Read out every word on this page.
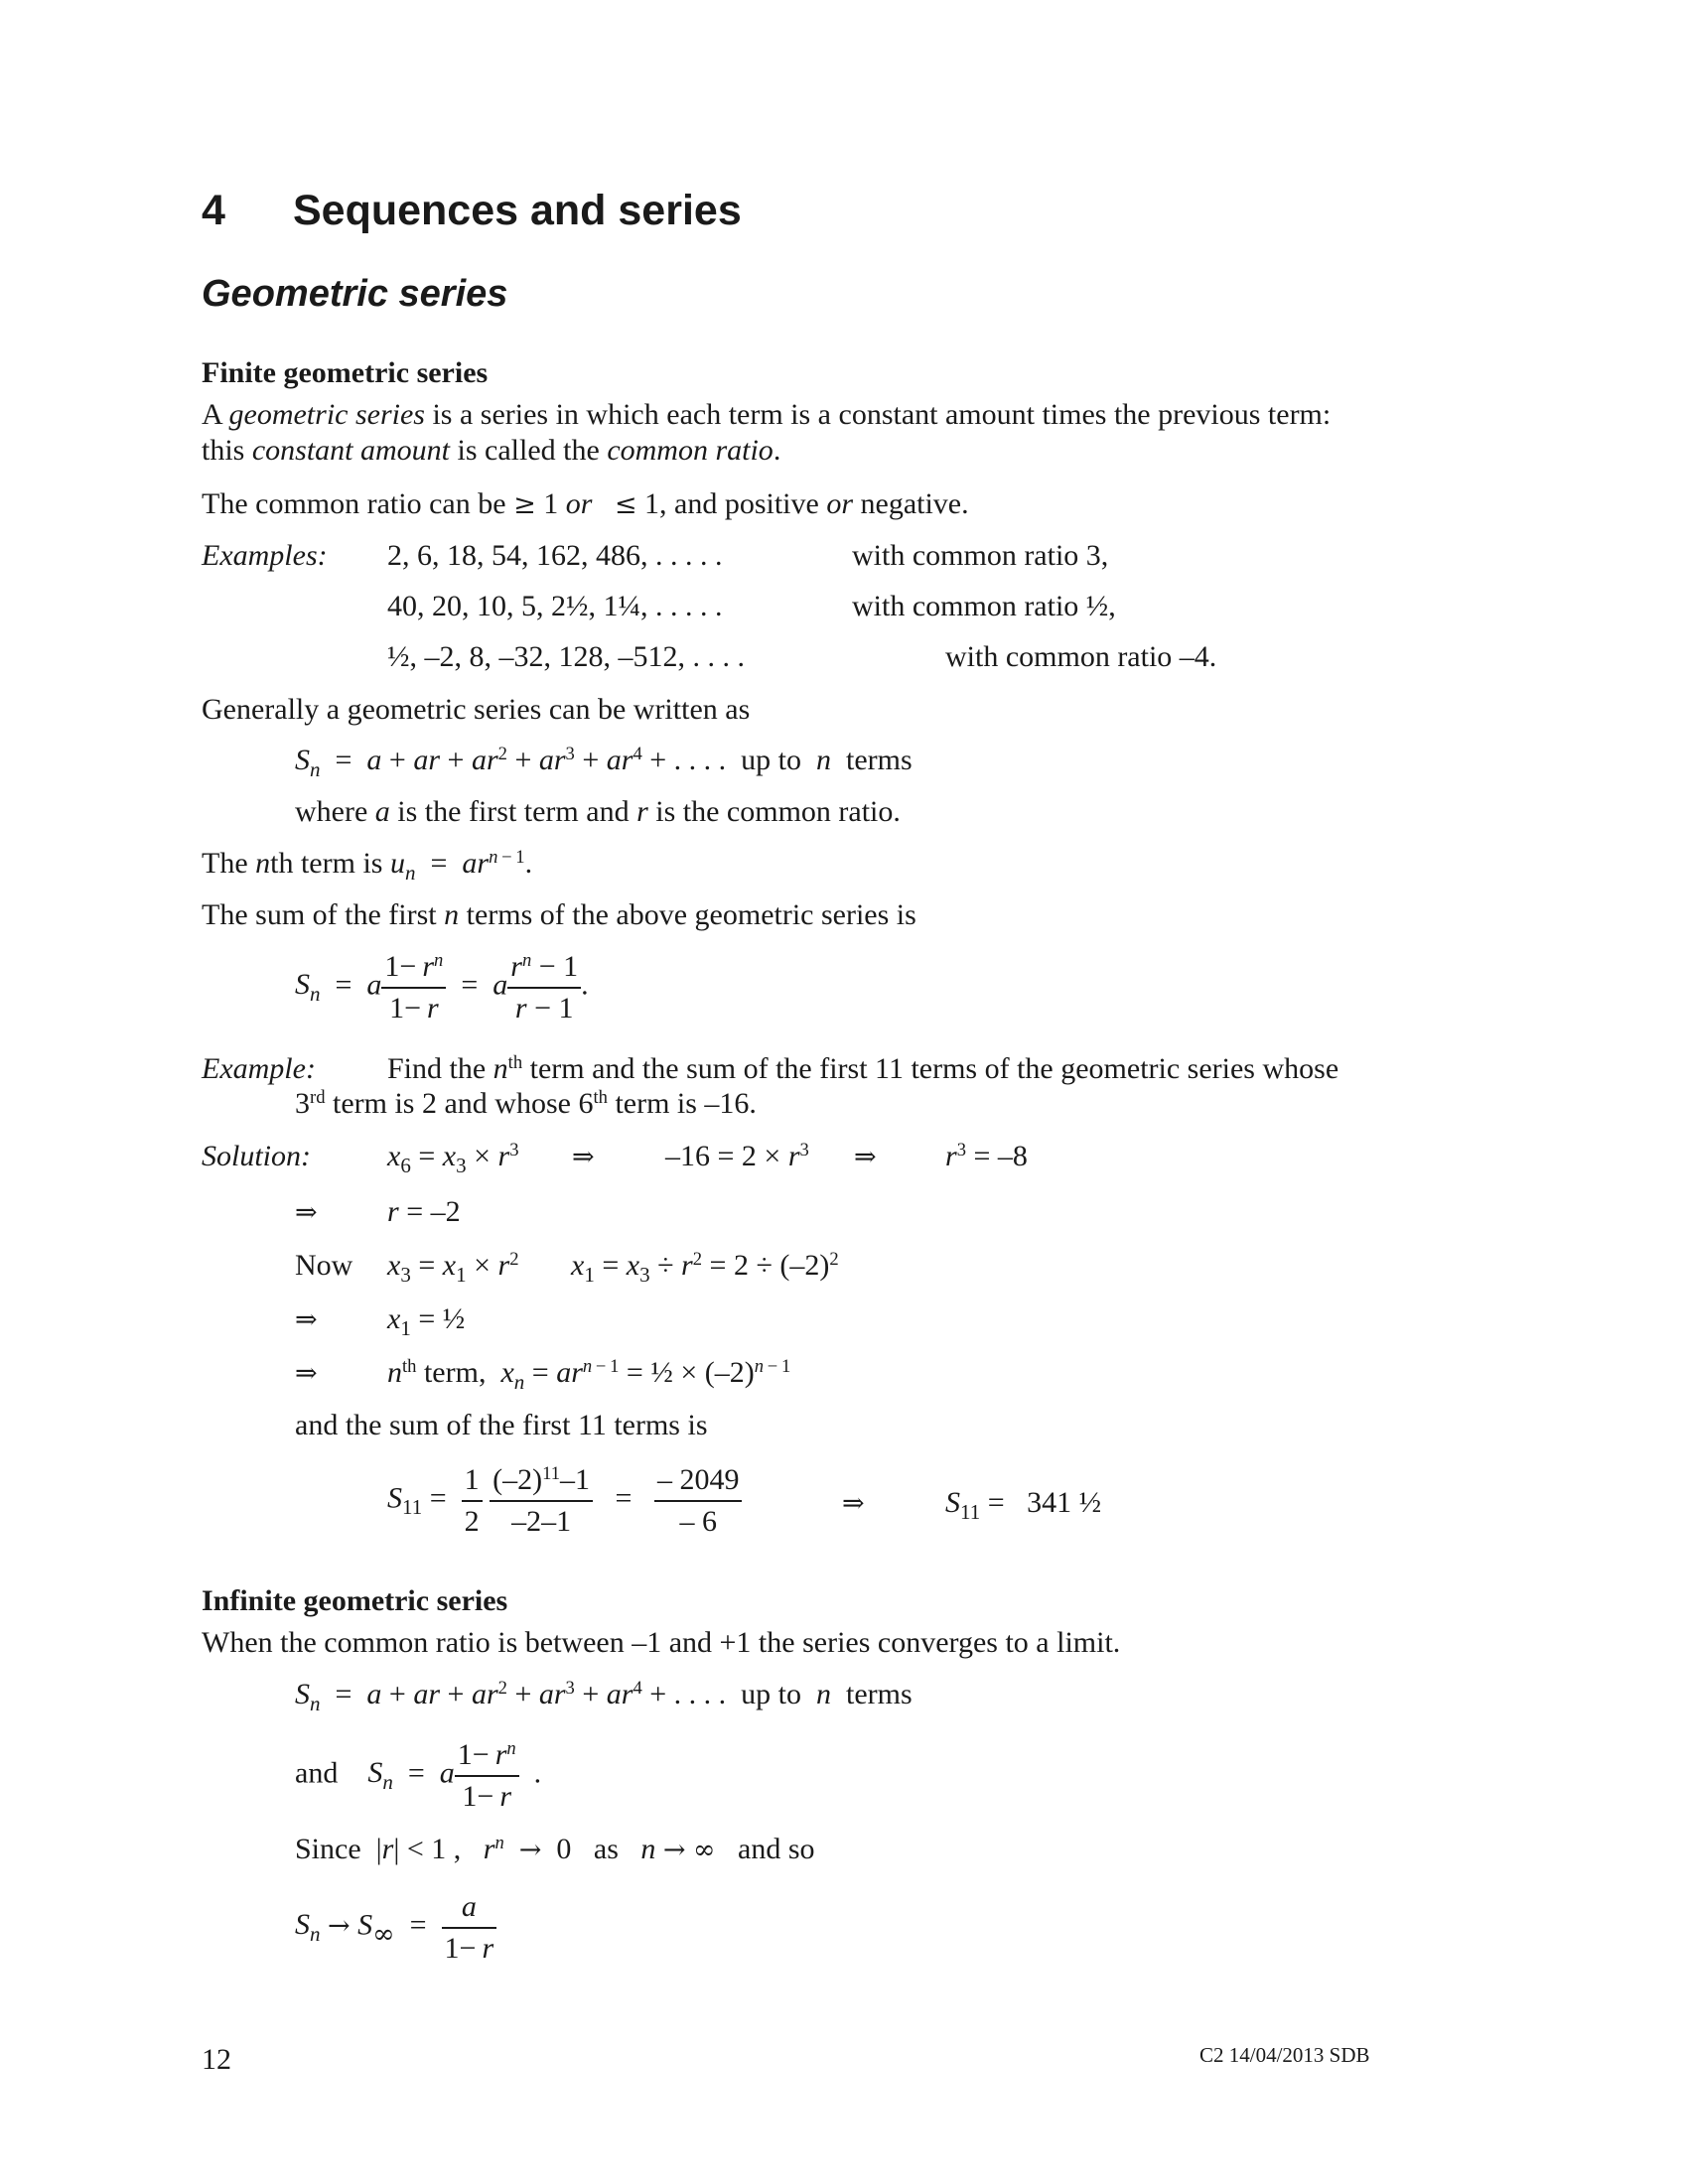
4 Sequences and series
Geometric series
Finite geometric series
A geometric series is a series in which each term is a constant amount times the previous term:
this constant amount is called the common ratio.
The common ratio can be ≥ 1 or ≤ 1, and positive or negative.
Examples: 2, 6, 18, 54, 162, 486, . . . . .	with common ratio 3,
40, 20, 10, 5, 2½, 1¼, . . . . .	with common ratio ½,
½, –2, 8, –32, 128, –512, . . . .	with common ratio –4.
Generally a geometric series can be written as
$S_n = a$ + ar + $ar^2 + ar^3 + ar^4$ + . . . .  up to n terms
where a is the first term and r is the common ratio.
The nth term is $u_n = ar^{n - 1}$.
The sum of the first n terms of the above geometric series is
$S_n = a \frac{1- r^n}{1- r} = a \frac{r^n - 1}{r - 1}$ .
Example: Find the $n^{th}$ term and the sum of the first 11 terms of the geometric series whose
3rd term is 2 and whose 6th term is –16.
Solution:	$x_6 = x_3 \times r^3$ ⇒ $-16 = 2 \times r^3$ ⇒ $r^3 = -8$
⇒ r = –2
Now $x_3 = x_1 \times r^2$ $x_1 = x_3 \div r^2 = 2 \div (-2)^2$
⇒ $x_1$ = ½
⇒ $n^{th}$ term, $x_n = ar^{n - 1}$ = ½ × $(-2)^{n - 1}$
and the sum of the first 11 terms is
$S_{11} = \frac{1}{2}$
$\frac{(-2)^{11}-1}{-2-1} = \frac{- 2049}{- 6}$	⇒	$S_{11} = 341$ ½
Infinite geometric series
When the common ratio is between –1 and +1 the series converges to a limit.
$S_n = a$ + ar + $ar^2 + ar^3 + ar^4$ + . . . .  up to n terms
and $S_n = a \frac{1- r^n}{1- r}$ .
Since  |r| < 1 ,   $r^n \to 0$   as n → ∞ and so
$S_n \to S_\infty = \frac{a}{1- r}$
12	C2 14/04/2013 SDB
